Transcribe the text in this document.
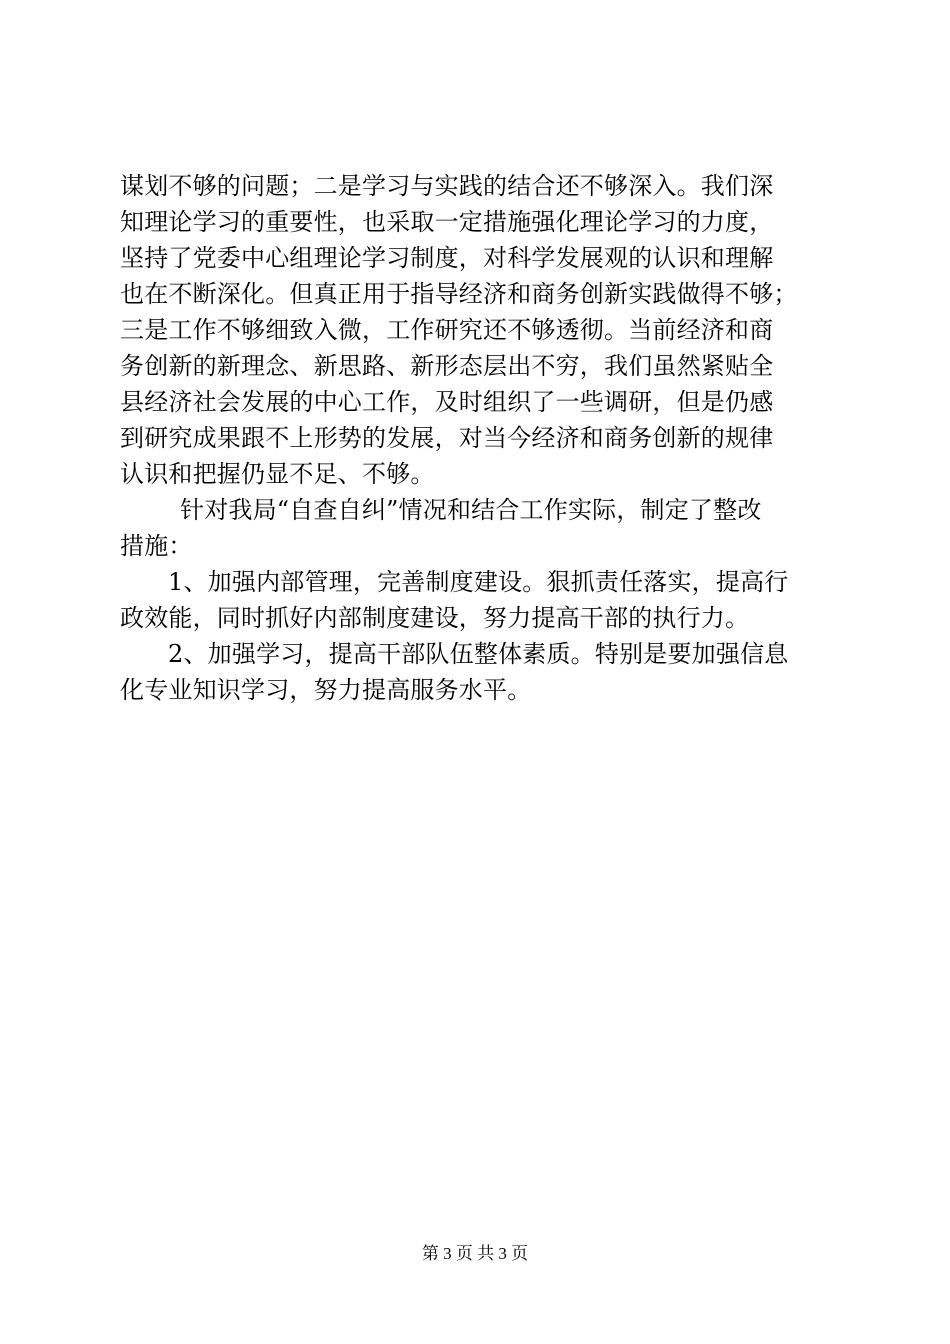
谋划不够的问题；二是学习与实践的结合还不够深入。我们深
知理论学习的重要性，也采取一定措施强化理论学习的力度，
坚持了党委中心组理论学习制度，对科学发展观的认识和理解
也在不断深化。但真正用于指导经济和商务创新实践做得不够；
三是工作不够细致入微，工作研究还不够透彻。当前经济和商
务创新的新理念、新思路、新形态层出不穷，我们虽然紧贴全
县经济社会发展的中心工作，及时组织了一些调研，但是仍感
到研究成果跟不上形势的发展，对当今经济和商务创新的规律
认识和把握仍显不足、不够。
针对我局“自查自纠”情况和结合工作实际，制定了整改
措施：
1、加强内部管理，完善制度建设。狠抓责任落实，提高行
政效能，同时抓好内部制度建设，努力提高干部的执行力。
2、加强学习，提高干部队伍整体素质。特别是要加强信息
化专业知识学习，努力提高服务水平。
第 3 页 共 3 页
